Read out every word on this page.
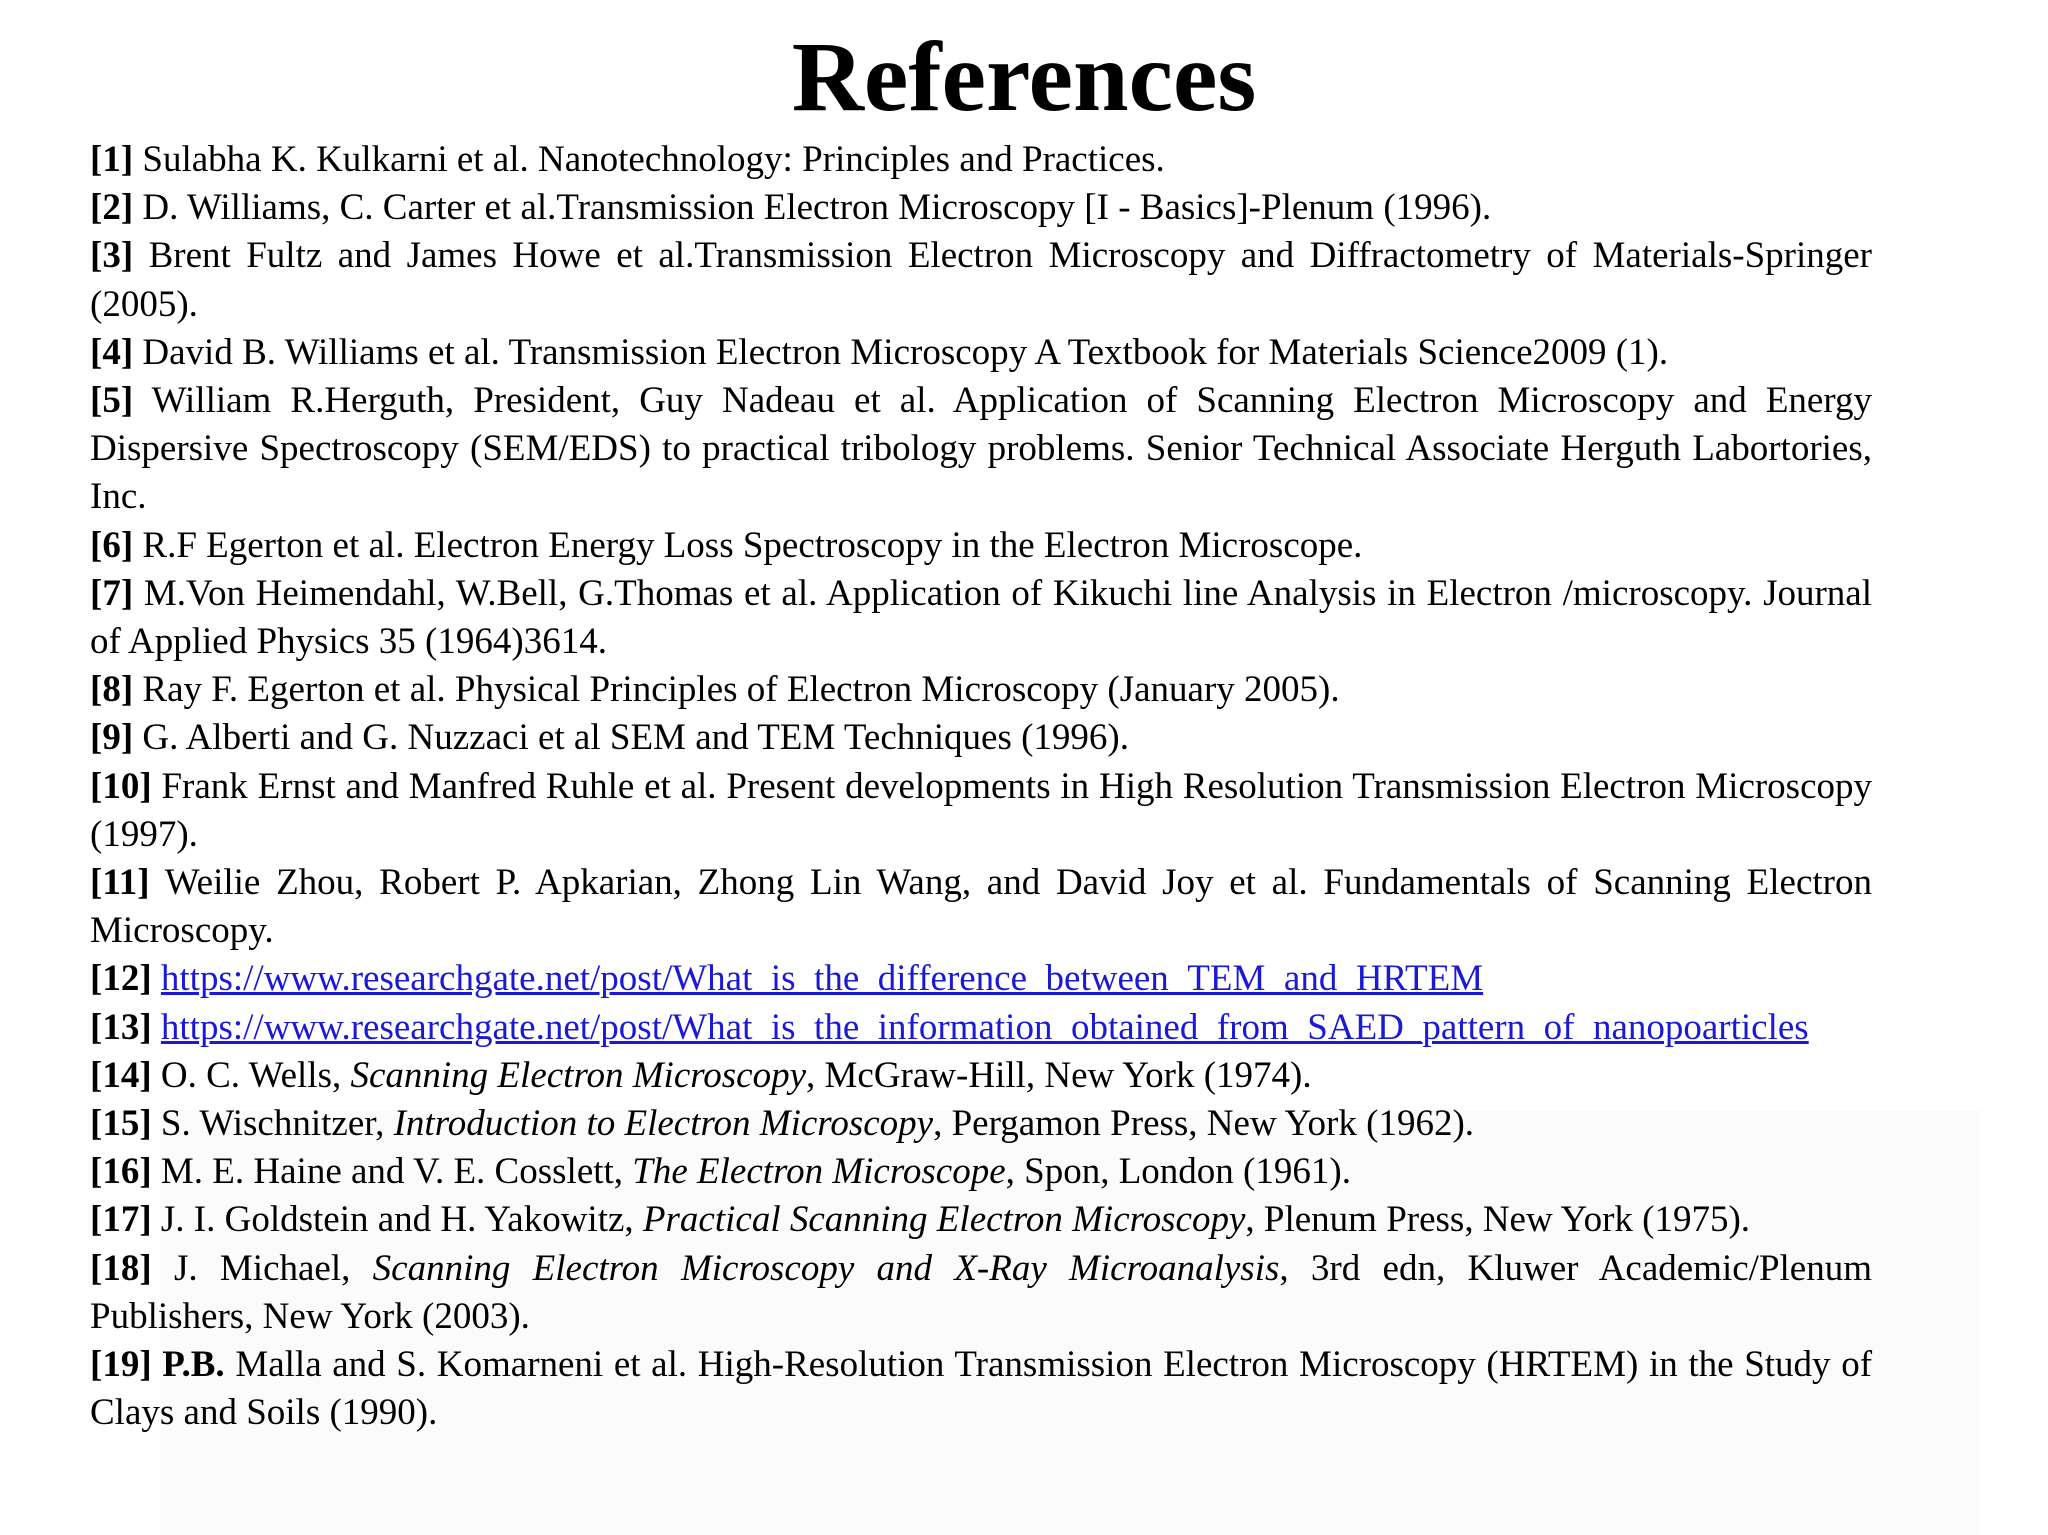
References

[1] Sulabha K. Kulkarni et al. Nanotechnology: Principles and Practices.

[2] D. Williams, C. Carter et al.Transmission Electron Microscopy [I - Basics]-Plenum (1996).

[3] Brent Fultz and James Howe et al.Transmission Electron Microscopy and Diffractometry of Materials-Springer (2005).

[4] David B. Williams et al. Transmission Electron Microscopy A Textbook for Materials Science2009 (1).

[5] William R.Herguth, President, Guy Nadeau et al. Application of Scanning Electron Microscopy and Energy Dispersive Spectroscopy (SEM/EDS) to practical tribology problems. Senior Technical Associate Herguth Labortories, Inc.

[6] R.F Egerton et al. Electron Energy Loss Spectroscopy in the Electron Microscope.

[7] M.Von Heimendahl, W.Bell, G.Thomas et al. Application of Kikuchi line Analysis in Electron /microscopy. Journal of Applied Physics 35 (1964)3614.

[8] Ray F. Egerton et al. Physical Principles of Electron Microscopy (January 2005).

[9] G. Alberti and G. Nuzzaci et al SEM and TEM Techniques (1996).

[10] Frank Ernst and Manfred Ruhle et al. Present developments in High Resolution Transmission Electron Microscopy (1997).

[11] Weilie Zhou, Robert P. Apkarian, Zhong Lin Wang, and David Joy et al. Fundamentals of Scanning Electron Microscopy.

[12] https://www.researchgate.net/post/What_is_the_difference_between_TEM_and_HRTEM

[13] https://www.researchgate.net/post/What_is_the_information_obtained_from_SAED_pattern_of_nanopoarticles

[14] O. C. Wells, Scanning Electron Microscopy, McGraw-Hill, New York (1974).

[15] S. Wischnitzer, Introduction to Electron Microscopy, Pergamon Press, New York (1962).

[16] M. E. Haine and V. E. Cosslett, The Electron Microscope, Spon, London (1961).

[17] J. I. Goldstein and H. Yakowitz, Practical Scanning Electron Microscopy, Plenum Press, New York (1975).

[18] J. Michael, Scanning Electron Microscopy and X-Ray Microanalysis, 3rd edn, Kluwer Academic/Plenum Publishers, New York (2003).

[19] P.B. Malla and S. Komarneni et al. High-Resolution Transmission Electron Microscopy (HRTEM) in the Study of Clays and Soils (1990).
